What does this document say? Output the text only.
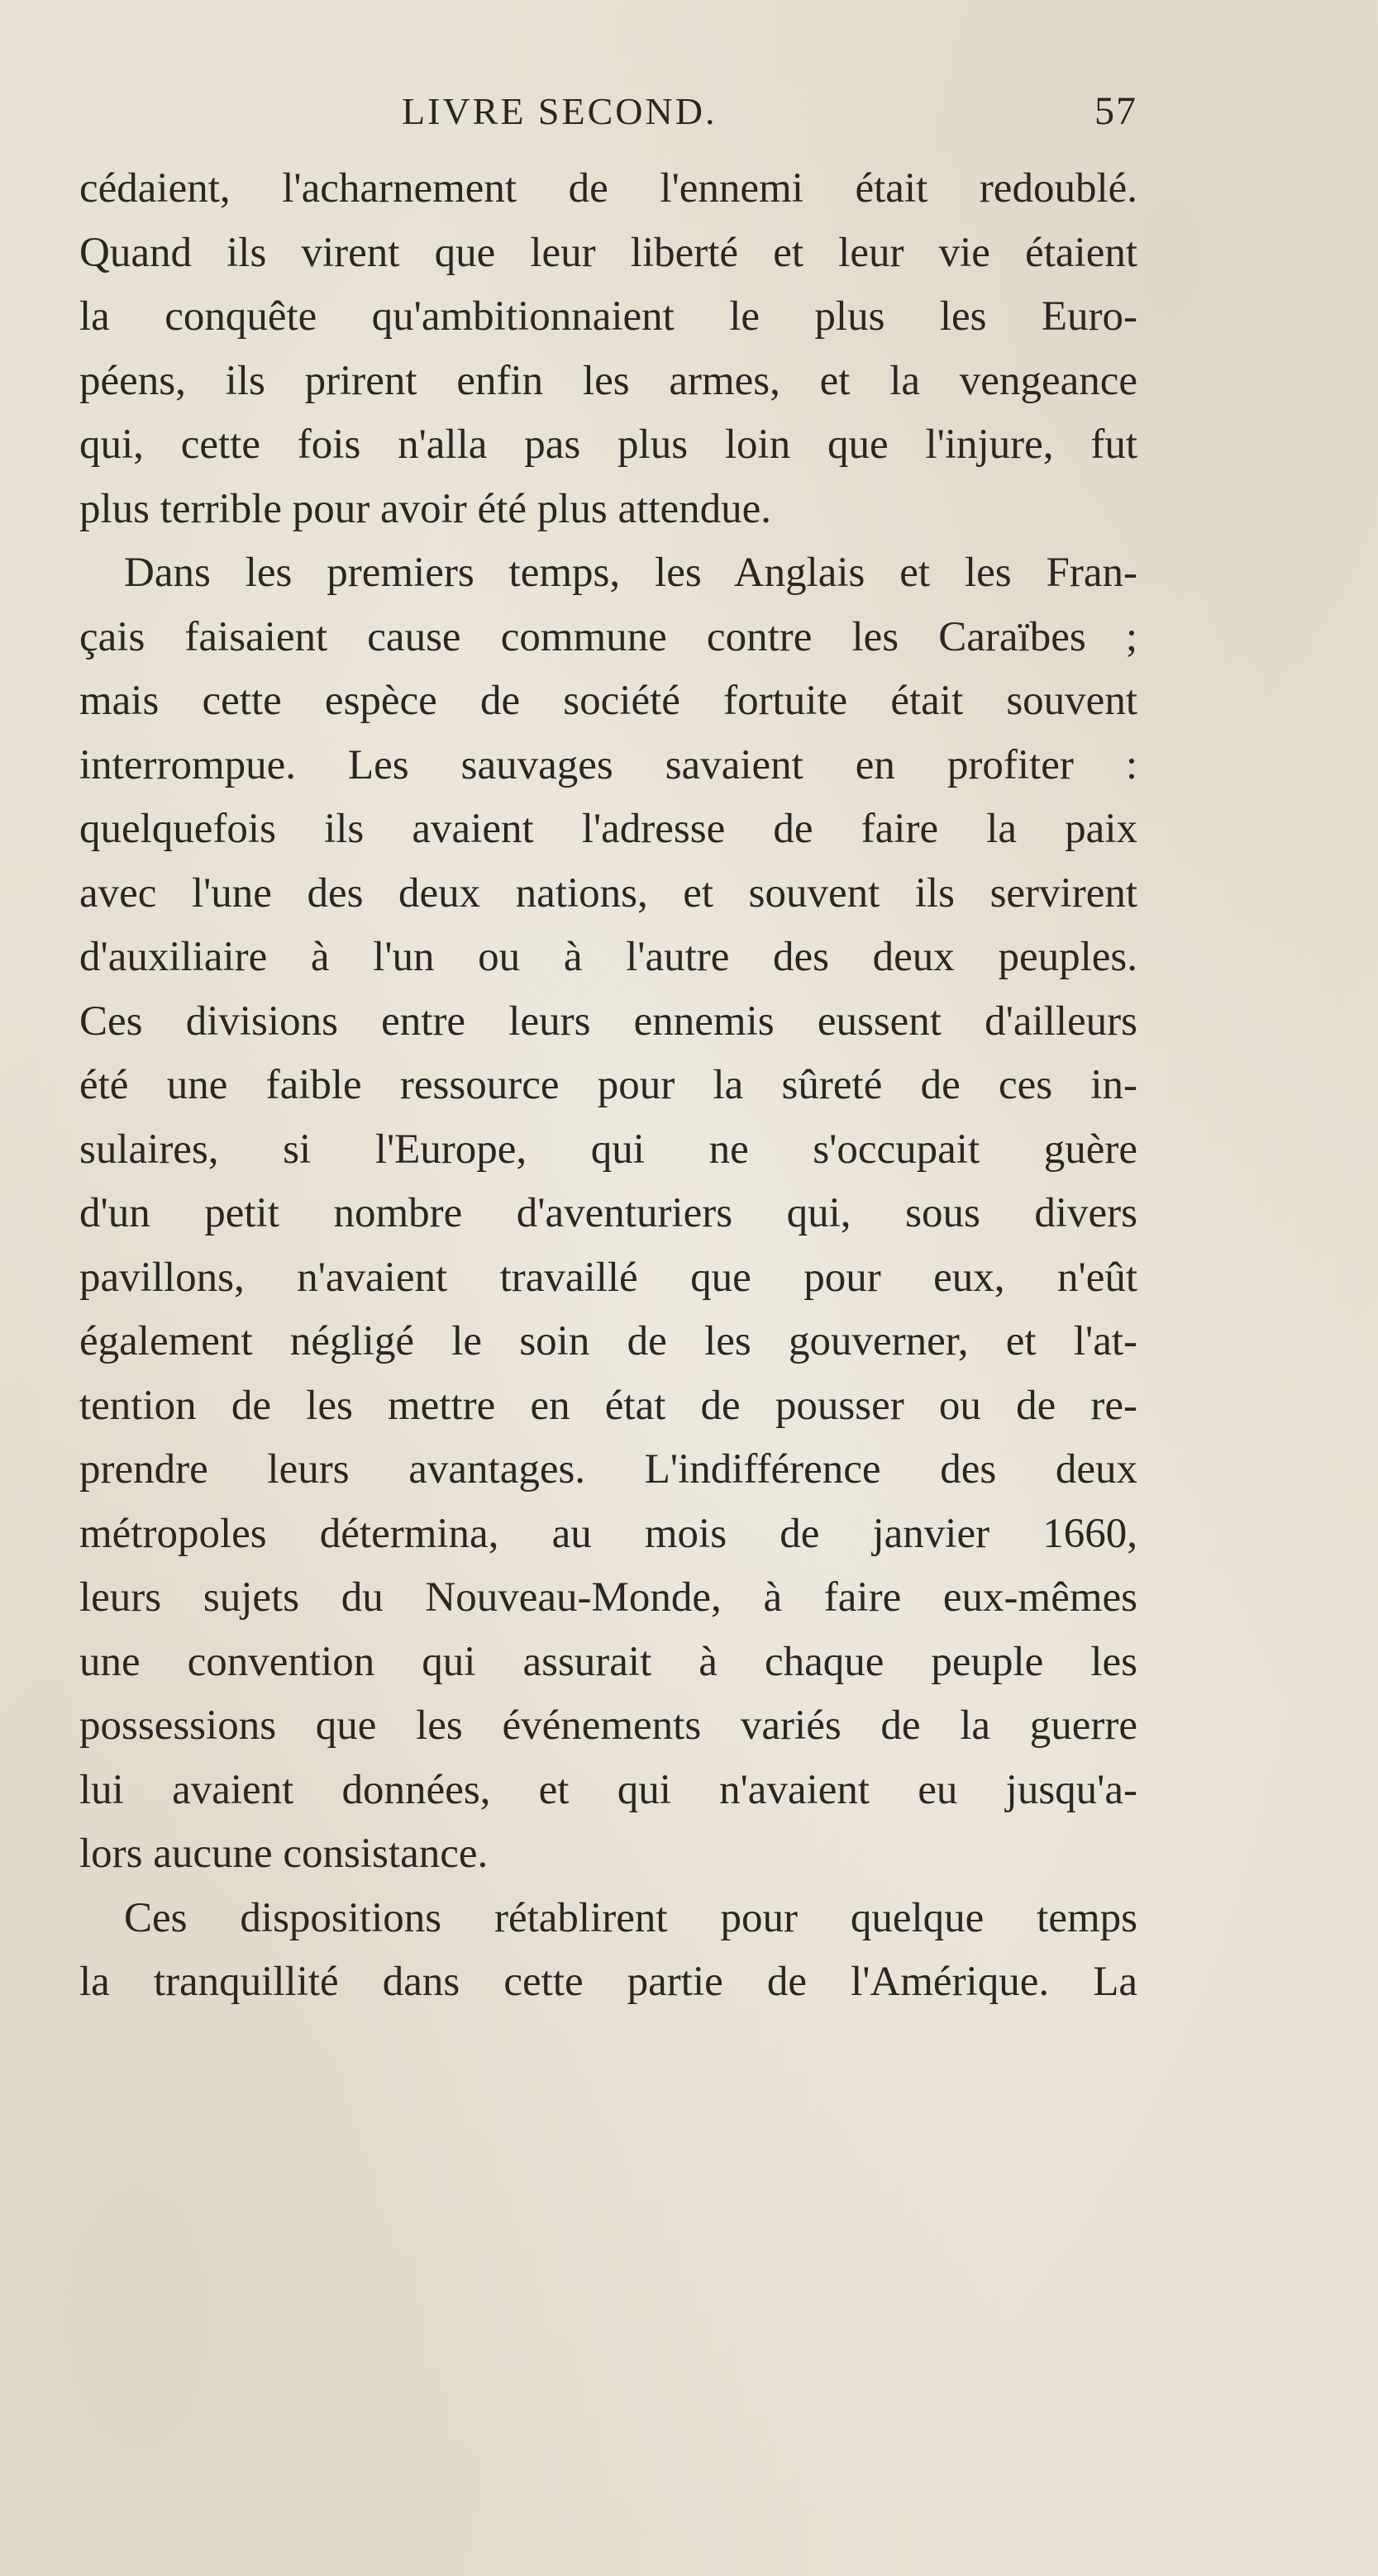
LIVRE SECOND.	57
cédaient, l'acharnement de l'ennemi était redoublé.
Quand ils virent que leur liberté et leur vie étaient
la conquête qu'ambitionnaient le plus les Euro-
péens, ils prirent enfin les armes, et la vengeance
qui, cette fois n'alla pas plus loin que l'injure, fut
plus terrible pour avoir été plus attendue.
Dans les premiers temps, les Anglais et les Fran-
çais faisaient cause commune contre les Caraïbes ;
mais cette espèce de société fortuite était souvent
interrompue. Les sauvages savaient en profiter :
quelquefois ils avaient l'adresse de faire la paix
avec l'une des deux nations, et souvent ils servirent
d'auxiliaire à l'un ou à l'autre des deux peuples.
Ces divisions entre leurs ennemis eussent d'ailleurs
été une faible ressource pour la sûreté de ces in-
sulaires, si l'Europe, qui ne s'occupait guère
d'un petit nombre d'aventuriers qui, sous divers
pavillons, n'avaient travaillé que pour eux, n'eût
également négligé le soin de les gouverner, et l'at-
tention de les mettre en état de pousser ou de re-
prendre leurs avantages. L'indifférence des deux
métropoles détermina, au mois de janvier 1660,
leurs sujets du Nouveau-Monde, à faire eux-mêmes
une convention qui assurait à chaque peuple les
possessions que les événements variés de la guerre
lui avaient données, et qui n'avaient eu jusqu'a-
lors aucune consistance.
Ces dispositions rétablirent pour quelque temps
la tranquillité dans cette partie de l'Amérique. La
